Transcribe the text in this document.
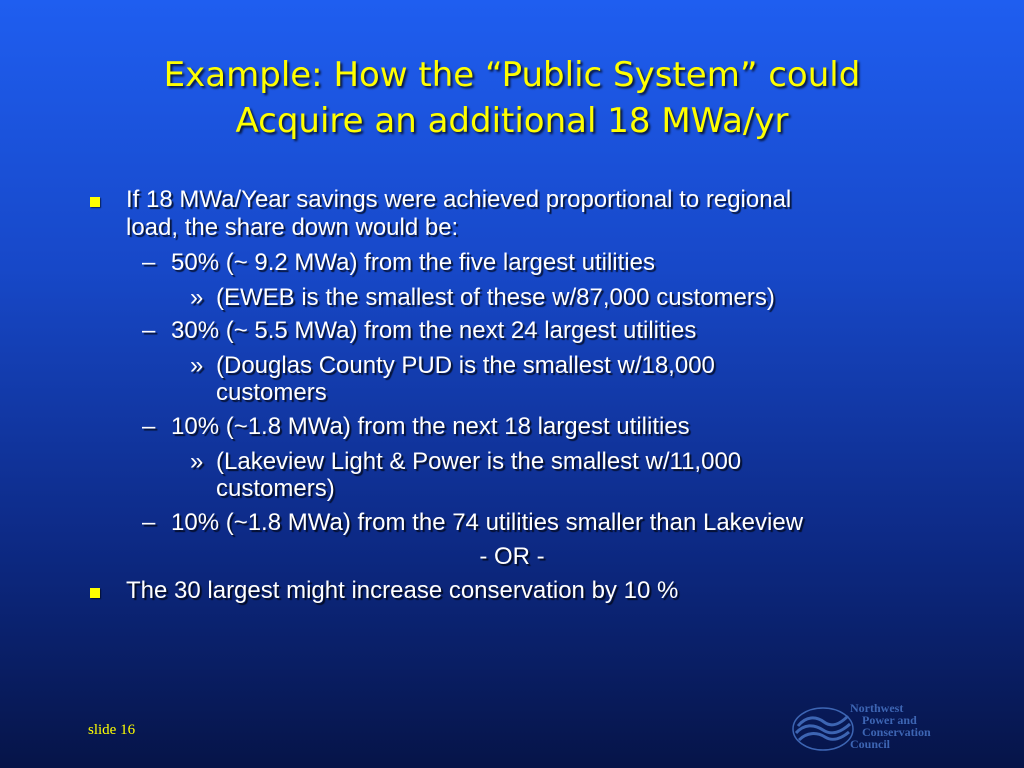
Example: How the “Public System” could
Acquire an additional 18 MWa/yr
If 18 MWa/Year savings were achieved proportional to regional
load, the share down would be:
– 50% (~ 9.2 MWa) from the five largest utilities
» (EWEB is the smallest of these w/87,000 customers)
– 30% (~ 5.5 MWa) from the next 24 largest utilities
» (Douglas County PUD is the smallest w/18,000
customers
– 10% (~1.8 MWa) from the next 18 largest utilities
» (Lakeview Light & Power is the smallest w/11,000
customers)
– 10% (~1.8 MWa) from the 74 utilities smaller than Lakeview
- OR -
The 30 largest might increase conservation by 10 %
slide 16
Northwest
Power and
Conservation
Council
